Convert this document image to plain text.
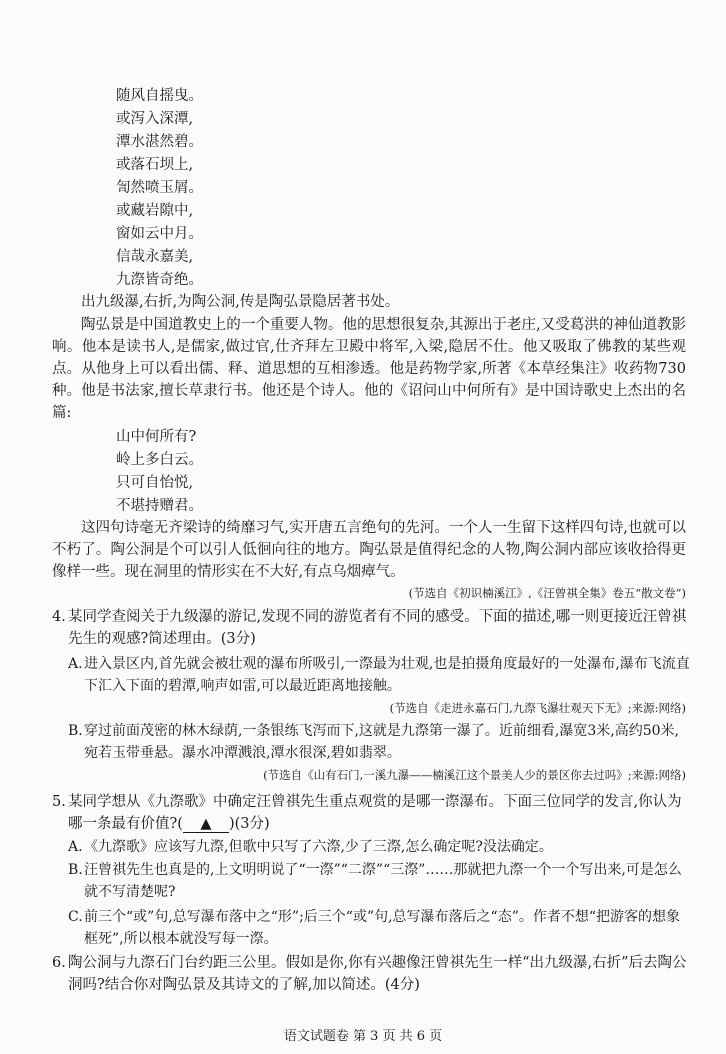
随风自摇曳。
或泻入深潭,
潭水湛然碧。
或落石坝上,
訇然喷玉屑。
或藏岩隙中,
窗如云中月。
信哉永嘉美,
九漈皆奇绝。
出九级瀑,右折,为陶公洞,传是陶弘景隐居著书处。
陶弘景是中国道教史上的一个重要人物。他的思想很复杂,其源出于老庄,又受葛洪的神仙道教影响。他本是读书人,是儒家,做过官,仕齐拜左卫殿中将军,入梁,隐居不仕。他又吸取了佛教的某些观点。从他身上可以看出儒、释、道思想的互相渗透。他是药物学家,所著《本草经集注》收药物730种。他是书法家,擅长草隶行书。他还是个诗人。他的《诏问山中何所有》是中国诗歌史上杰出的名篇:
山中何所有?
岭上多白云。
只可自怡悦,
不堪持赠君。
这四句诗毫无齐梁诗的绮靡习气,实开唐五言绝句的先河。一个人一生留下这样四句诗,也就可以不朽了。陶公洞是个可以引人低徊向往的地方。陶弘景是值得纪念的人物,陶公洞内部应该收拾得更像样一些。现在洞里的情形实在不大好,有点乌烟瘴气。
(节选自《初识楠溪江》,《汪曾祺全集》卷五“散文卷”)
4. 某同学查阅关于九级瀑的游记,发现不同的游览者有不同的感受。下面的描述,哪一则更接近汪曾祺先生的观感?简述理由。(3分)
A. 进入景区内,首先就会被壮观的瀑布所吸引,一漈最为壮观,也是拍摄角度最好的一处瀑布,瀑布飞流直下汇入下面的碧潭,响声如雷,可以最近距离地接触。
(节选自《走进永嘉石门,九漈飞瀑壮观天下无》;来源:网络)
B. 穿过前面茂密的林木绿荫,一条银练飞泻而下,这就是九漈第一瀑了。近前细看,瀑宽3米,高约50米,宛若玉带垂悬。瀑水冲潭溅浪,潭水很深,碧如翡翠。
(节选自《山有石门,一溪九瀑——楠溪江这个景美人少的景区你去过吗》;来源:网络)
5. 某同学想从《九漈歌》中确定汪曾祺先生重点观赏的是哪一漈瀑布。下面三位同学的发言,你认为哪一条最有价值?( ▲ )(3分)
A. 《九漈歌》应该写九漈,但歌中只写了六漈,少了三漈,怎么确定呢?没法确定。
B. 汪曾祺先生也真是的,上文明明说了“一漈”“二漈”“三漈”……那就把九漈一个一个写出来,可是怎么就不写清楚呢?
C. 前三个“或”句,总写瀑布落中之“形”;后三个“或”句,总写瀑布落后之“态”。作者不想“把游客的想象框死”,所以根本就没写每一漈。
6. 陶公洞与九漈石门台约距三公里。假如是你,你有兴趣像汪曾祺先生一样“出九级瀑,右折”后去陶公洞吗?结合你对陶弘景及其诗文的了解,加以简述。(4分)
语文试题卷 第 3 页 共 6 页
